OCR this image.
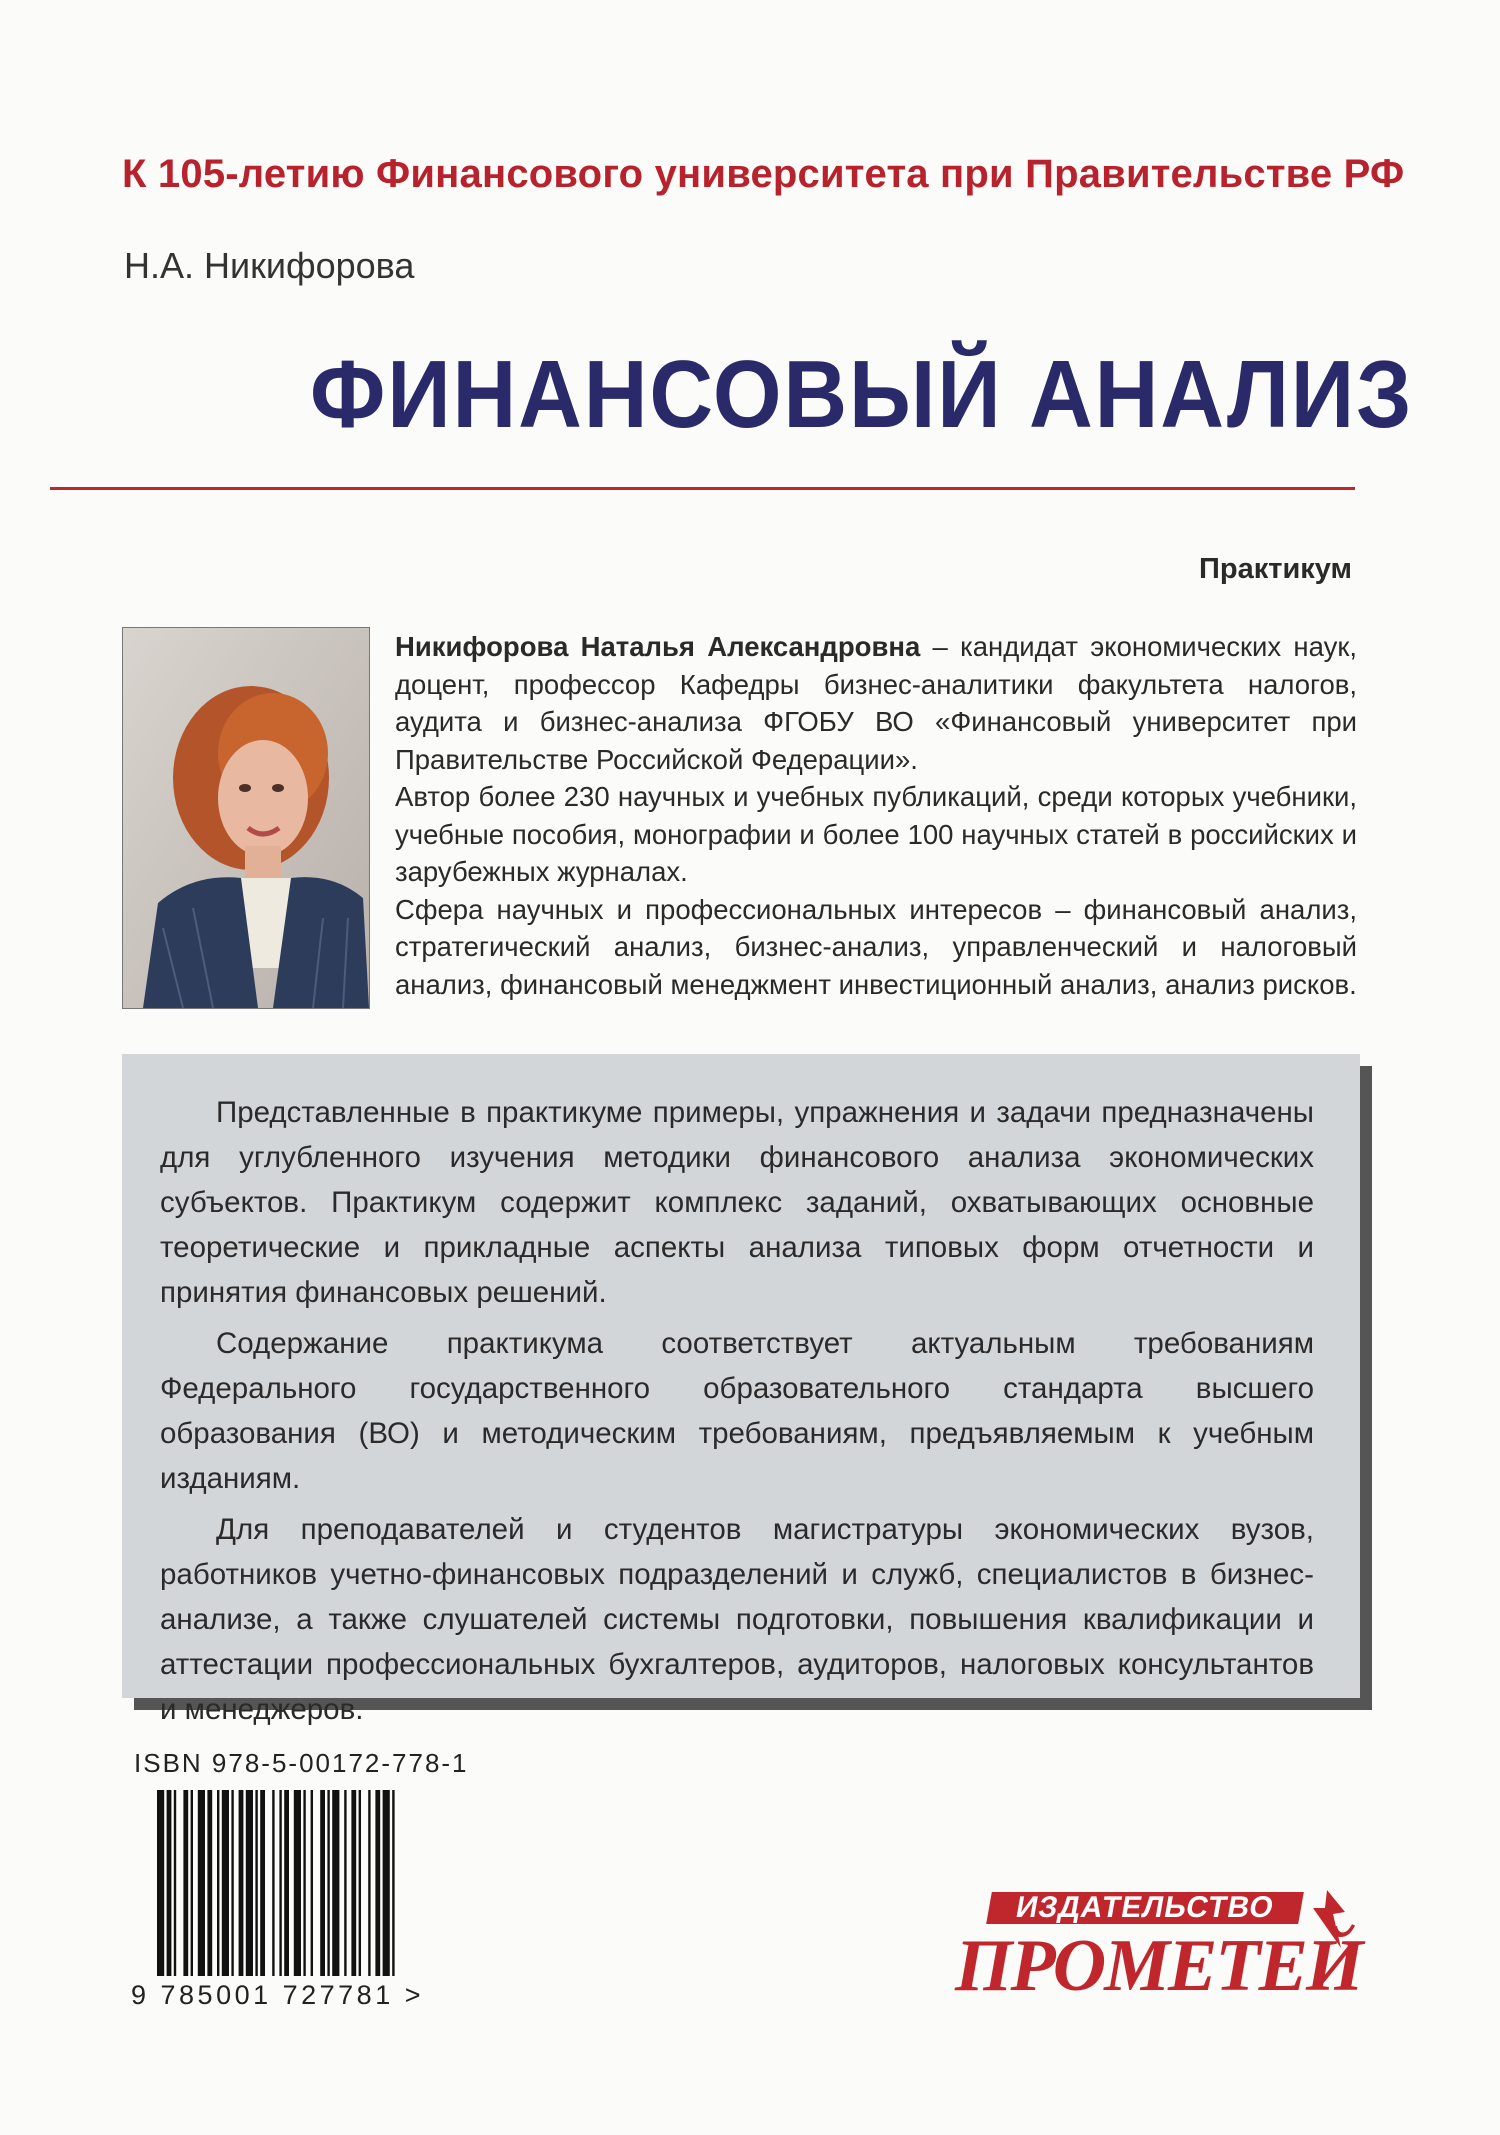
К 105-летию Финансового университета при Правительстве РФ
Н.А. Никифорова
ФИНАНСОВЫЙ АНАЛИЗ
Практикум

Никифорова Наталья Александровна – кандидат экономических наук, доцент, профессор Кафедры бизнес-аналитики факультета налогов, аудита и бизнес-анализа ФГОБУ ВО «Финансовый университет при Правительстве Российской Федерации».

Автор более 230 научных и учебных публикаций, среди которых учебники, учебные пособия, монографии и более 100 научных статей в российских и зарубежных журналах.

Сфера научных и профессиональных интересов – финансовый анализ, стратегический анализ, бизнес-анализ, управленческий и налоговый анализ, финансовый менеджмент инвестиционный анализ, анализ рисков.

Представленные в практикуме примеры, упражнения и задачи предназначены для углубленного изучения методики финансового анализа экономических субъектов. Практикум содержит комплекс заданий, охватывающих основные теоретические и прикладные аспекты анализа типовых форм отчетности и принятия финансовых решений.

Содержание практикума соответствует актуальным требованиям Федерального государственного образовательного стандарта высшего образования (ВО) и методическим требованиям, предъявляемым к учебным изданиям.

Для преподавателей и студентов магистратуры экономических вузов, работников учетно-финансовых подразделений и служб, специалистов в бизнес-анализе, а также слушателей системы подготовки, повышения квалификации и аттестации профессиональных бухгалтеров, аудиторов, налоговых консультантов и менеджеров.

ISBN 978-5-00172-778-1
9 785001 727781 >
ИЗДАТЕЛЬСТВО
ПРОМЕТЕЙ
